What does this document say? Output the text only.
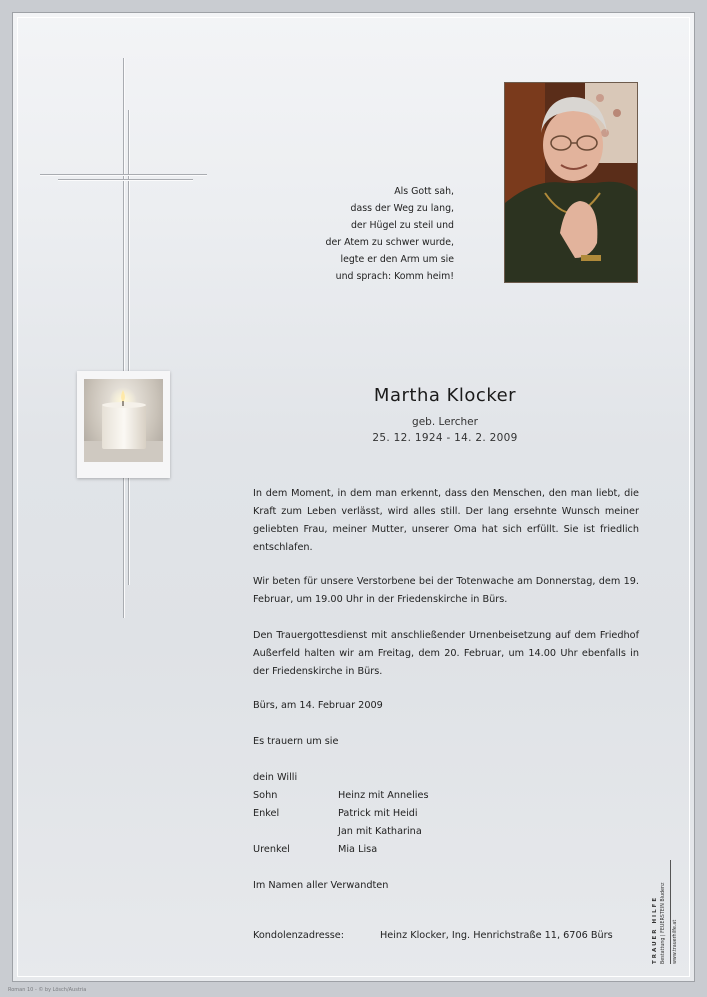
Als Gott sah,
dass der Weg zu lang,
der Hügel zu steil und
der Atem zu schwer wurde,
legte er den Arm um sie
und sprach: Komm heim!
Martha Klocker
geb. Lercher
25. 12. 1924 - 14. 2. 2009
In dem Moment, in dem man erkennt, dass den Menschen, den man liebt, die Kraft zum Leben verlässt, wird alles still. Der lang ersehnte Wunsch meiner geliebten Frau, meiner Mutter, unserer Oma hat sich erfüllt. Sie ist friedlich entschlafen.
Wir beten für unsere Verstorbene bei der Totenwache am Donnerstag, dem 19. Februar, um 19.00 Uhr in der Friedenskirche in Bürs.
Den Trauergottesdienst mit anschließender Urnenbeisetzung auf dem Friedhof Außerfeld halten wir am Freitag, dem 20. Februar, um 14.00 Uhr ebenfalls in der Friedenskirche in Bürs.
Bürs, am 14. Februar 2009
Es trauern um sie
dein Willi
Sohn	Heinz mit Annelies
Enkel	Patrick mit Heidi
Jan mit Katharina
Urenkel	Mia Lisa
Im Namen aller Verwandten
Kondolenzadresse:	Heinz Klocker, Ing. Henrichstraße 11, 6706 Bürs	TRAUER HILFE Bestattung | FEUERSTEIN Bludenz www.trauerhilfe.at
Roman 10 - © by Lösch/Austria
